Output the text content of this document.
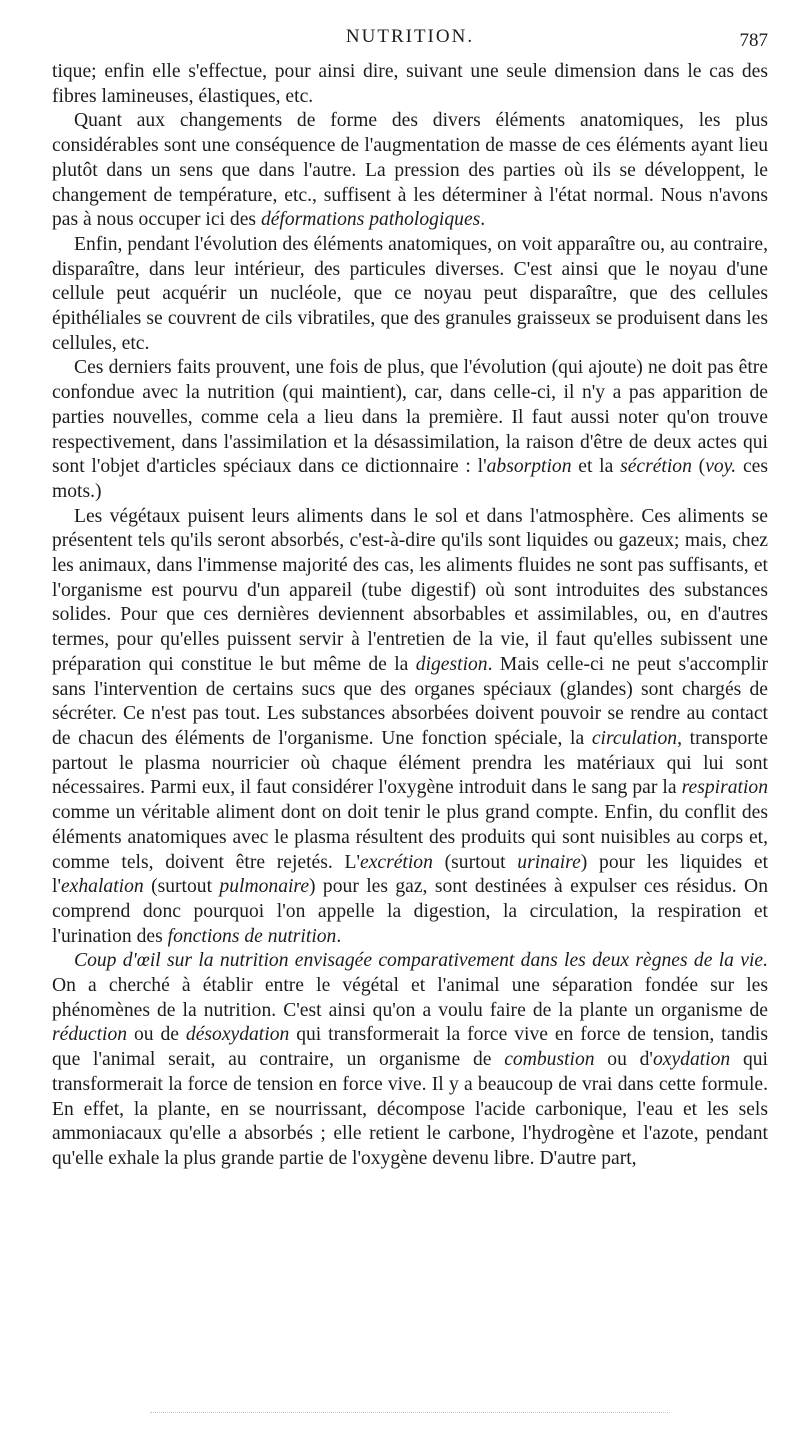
NUTRITION.	787

tique; enfin elle s'effectue, pour ainsi dire, suivant une seule dimension dans le cas des fibres lamineuses, élastiques, etc.

Quant aux changements de forme des divers éléments anatomiques, les plus considérables sont une conséquence de l'augmentation de masse de ces éléments ayant lieu plutôt dans un sens que dans l'autre. La pression des parties où ils se développent, le changement de température, etc., suffisent à les déterminer à l'état normal. Nous n'avons pas à nous occuper ici des déformations pathologiques.

Enfin, pendant l'évolution des éléments anatomiques, on voit apparaître ou, au contraire, disparaître, dans leur intérieur, des particules diverses. C'est ainsi que le noyau d'une cellule peut acquérir un nucléole, que ce noyau peut disparaître, que des cellules épithéliales se couvrent de cils vibratiles, que des granules graisseux se produisent dans les cellules, etc.

Ces derniers faits prouvent, une fois de plus, que l'évolution (qui ajoute) ne doit pas être confondue avec la nutrition (qui maintient), car, dans celle-ci, il n'y a pas apparition de parties nouvelles, comme cela a lieu dans la première. Il faut aussi noter qu'on trouve respectivement, dans l'assimilation et la désassimilation, la raison d'être de deux actes qui sont l'objet d'articles spéciaux dans ce dictionnaire : l'absorption et la sécrétion (voy. ces mots.)

Les végétaux puisent leurs aliments dans le sol et dans l'atmosphère. Ces aliments se présentent tels qu'ils seront absorbés, c'est-à-dire qu'ils sont liquides ou gazeux; mais, chez les animaux, dans l'immense majorité des cas, les aliments fluides ne sont pas suffisants, et l'organisme est pourvu d'un appareil (tube digestif) où sont introduites des substances solides. Pour que ces dernières deviennent absorbables et assimilables, ou, en d'autres termes, pour qu'elles puissent servir à l'entretien de la vie, il faut qu'elles subissent une préparation qui constitue le but même de la digestion. Mais celle-ci ne peut s'accomplir sans l'intervention de certains sucs que des organes spéciaux (glandes) sont chargés de sécréter. Ce n'est pas tout. Les substances absorbées doivent pouvoir se rendre au contact de chacun des éléments de l'organisme. Une fonction spéciale, la circulation, transporte partout le plasma nourricier où chaque élément prendra les matériaux qui lui sont nécessaires. Parmi eux, il faut considérer l'oxygène introduit dans le sang par la respiration comme un véritable aliment dont on doit tenir le plus grand compte. Enfin, du conflit des éléments anatomiques avec le plasma résultent des produits qui sont nuisibles au corps et, comme tels, doivent être rejetés. L'excrétion (surtout urinaire) pour les liquides et l'exhalation (surtout pulmonaire) pour les gaz, sont destinées à expulser ces résidus. On comprend donc pourquoi l'on appelle la digestion, la circulation, la respiration et l'urination des fonctions de nutrition.

Coup d'œil sur la nutrition envisagée comparativement dans les deux règnes de la vie. On a cherché à établir entre le végétal et l'animal une séparation fondée sur les phénomènes de la nutrition. C'est ainsi qu'on a voulu faire de la plante un organisme de réduction ou de désoxydation qui transformerait la force vive en force de tension, tandis que l'animal serait, au contraire, un organisme de combustion ou d'oxydation qui transformerait la force de tension en force vive. Il y a beaucoup de vrai dans cette formule. En effet, la plante, en se nourrissant, décompose l'acide carbonique, l'eau et les sels ammoniacaux qu'elle a absorbés ; elle retient le carbone, l'hydrogène et l'azote, pendant qu'elle exhale la plus grande partie de l'oxygène devenu libre. D'autre part,
